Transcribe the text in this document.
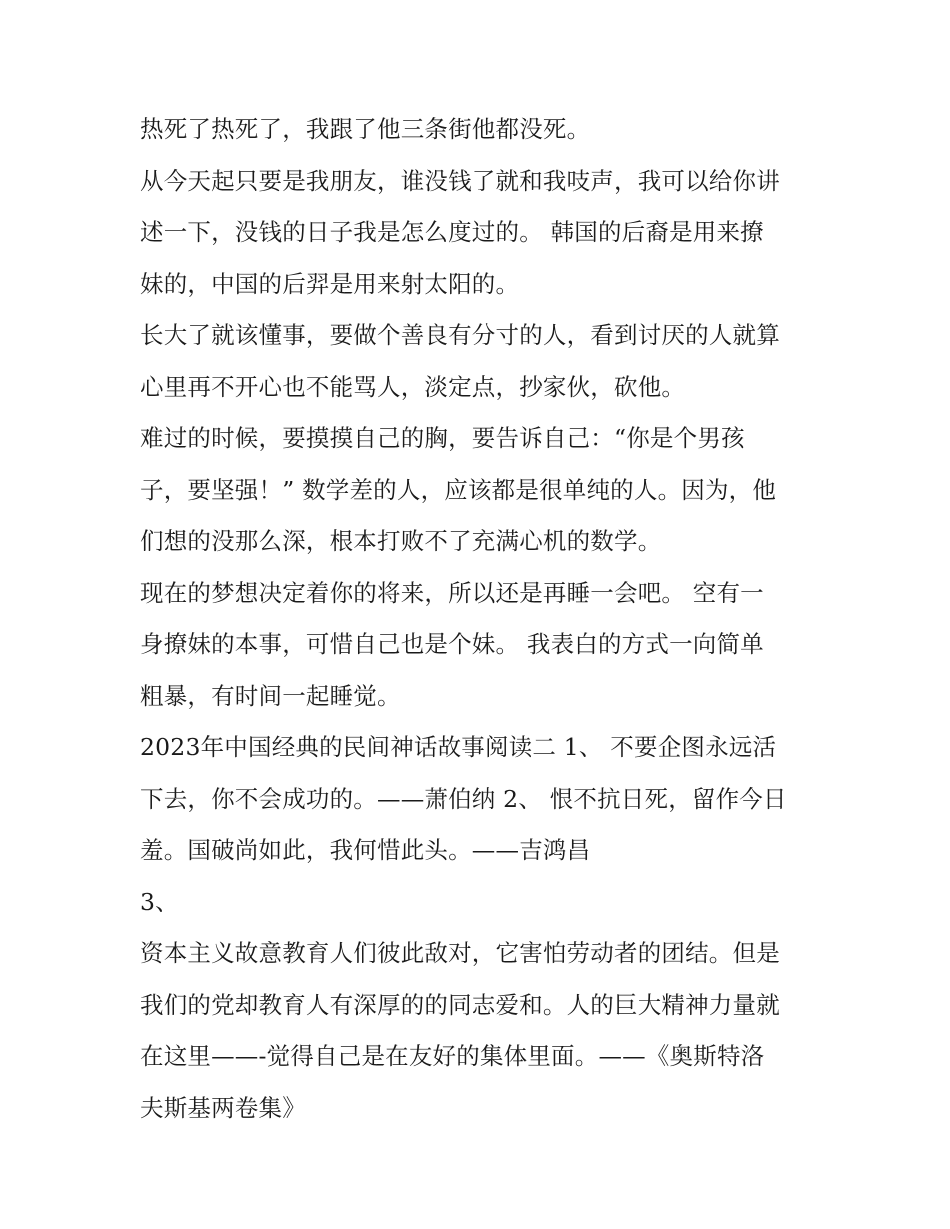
热死了热死了，我跟了他三条街他都没死。
从今天起只要是我朋友，谁没钱了就和我吱声，我可以给你讲
述一下，没钱的日子我是怎么度过的。 韩国的后裔是用来撩
妹的，中国的后羿是用来射太阳的。
长大了就该懂事，要做个善良有分寸的人，看到讨厌的人就算
心里再不开心也不能骂人，淡定点，抄家伙，砍他。
难过的时候，要摸摸自己的胸，要告诉自己：“你是个男孩
子，要坚强！” 数学差的人，应该都是很单纯的人。因为，他
们想的没那么深，根本打败不了充满心机的数学。
现在的梦想决定着你的将来，所以还是再睡一会吧。 空有一
身撩妹的本事，可惜自己也是个妹。 我表白的方式一向简单
粗暴，有时间一起睡觉。
2023年中国经典的民间神话故事阅读二 1、 不要企图永远活
下去，你不会成功的。——萧伯纳 2、 恨不抗日死，留作今日
羞。国破尚如此，我何惜此头。——吉鸿昌
3、
资本主义故意教育人们彼此敌对，它害怕劳动者的团结。但是
我们的党却教育人有深厚的的同志爱和。人的巨大精神力量就
在这里——-觉得自己是在友好的集体里面。——《奥斯特洛
夫斯基两卷集》
